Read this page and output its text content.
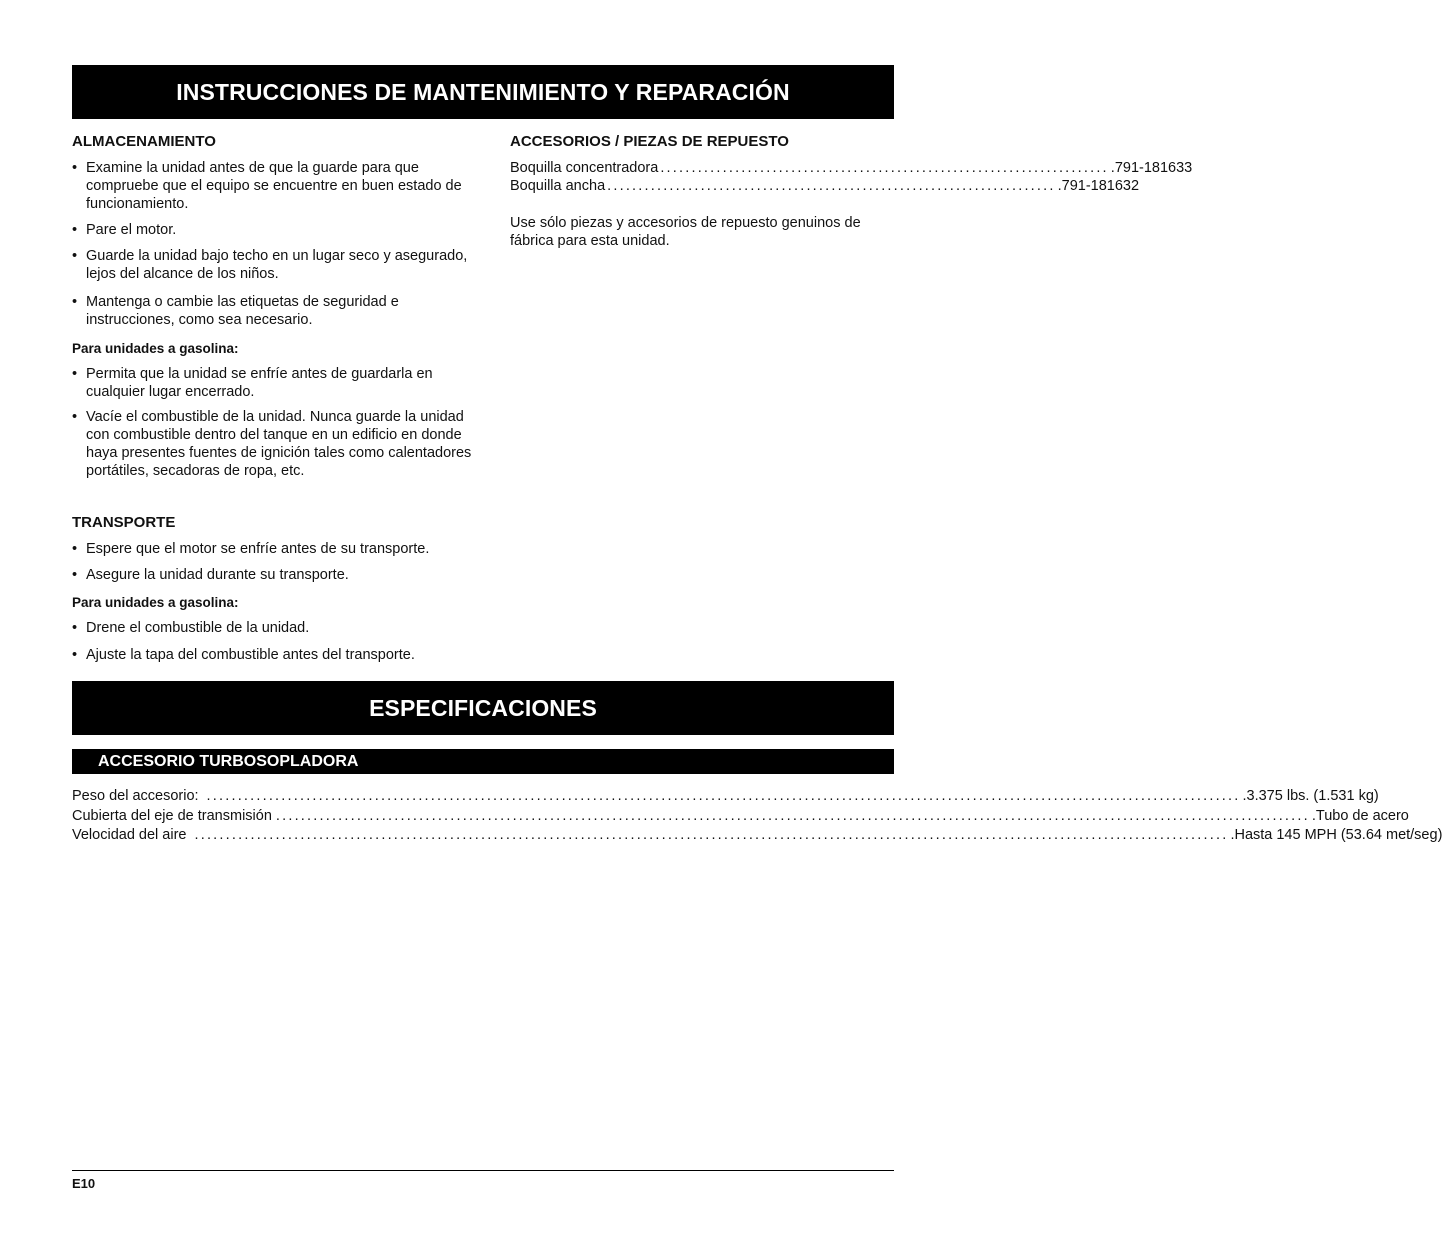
INSTRUCCIONES DE MANTENIMIENTO Y REPARACIÓN
ALMACENAMIENTO
• Examine la unidad antes de que la guarde para que compruebe que el equipo se encuentre en buen estado de funcionamiento.
• Pare el motor.
• Guarde la unidad bajo techo en un lugar seco y asegurado, lejos del alcance de los niños.
• Mantenga o cambie las etiquetas de seguridad e instrucciones, como sea necesario.
Para unidades a gasolina:
• Permita que la unidad se enfríe antes de guardarla en cualquier lugar encerrado.
• Vacíe el combustible de la unidad. Nunca guarde la unidad con combustible dentro del tanque en un edificio en donde haya presentes fuentes de ignición tales como calentadores portátiles, secadoras de ropa, etc.
TRANSPORTE
• Espere que el motor se enfríe antes de su transporte.
• Asegure la unidad durante su transporte.
Para unidades a gasolina:
• Drene el combustible de la unidad.
• Ajuste la tapa del combustible antes del transporte.
ACCESORIOS / PIEZAS DE REPUESTO
Boquilla concentradora ........................................................................ .791-181633
Boquilla ancha ........................................................................ .791-181632

Use sólo piezas y accesorios de repuesto genuinos de fábrica para esta unidad.

ESPECIFICACIONES
ACCESORIO TURBOSOPLADORA
Peso del accesorio: ...................................................................................................................................................................... .3.375 lbs. (1.531 kg)
Cubierta del eje de transmisión ...................................................................................................................................................................... .Tubo de acero
Velocidad del aire ...................................................................................................................................................................... .Hasta 145 MPH (53.64 met/seg)
E10
